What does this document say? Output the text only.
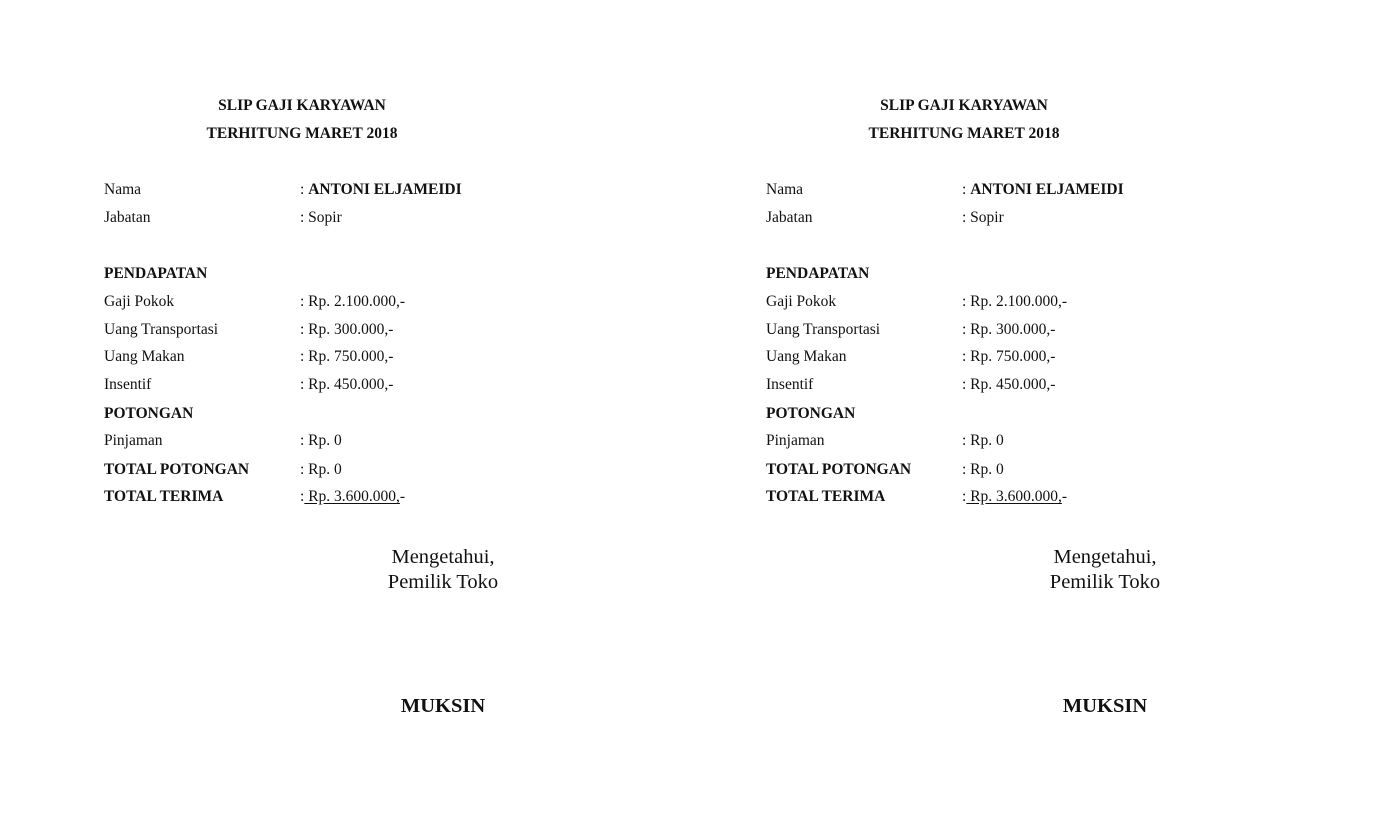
SLIP GAJI KARYAWAN
TERHITUNG MARET 2018
Nama	: ANTONI ELJAMEIDI
Jabatan	: Sopir
PENDAPATAN
Gaji Pokok	: Rp. 2.100.000,-
Uang Transportasi	: Rp. 300.000,-
Uang Makan	: Rp. 750.000,-
Insentif	: Rp. 450.000,-
POTONGAN
Pinjaman	: Rp. 0
TOTAL POTONGAN	: Rp. 0
TOTAL TERIMA	: Rp. 3.600.000,-
Mengetahui,
Pemilik Toko
MUKSIN
SLIP GAJI KARYAWAN
TERHITUNG MARET 2018
Nama	: ANTONI ELJAMEIDI
Jabatan	: Sopir
PENDAPATAN
Gaji Pokok	: Rp. 2.100.000,-
Uang Transportasi	: Rp. 300.000,-
Uang Makan	: Rp. 750.000,-
Insentif	: Rp. 450.000,-
POTONGAN
Pinjaman	: Rp. 0
TOTAL POTONGAN	: Rp. 0
TOTAL TERIMA	: Rp. 3.600.000,-
Mengetahui,
Pemilik Toko
MUKSIN
